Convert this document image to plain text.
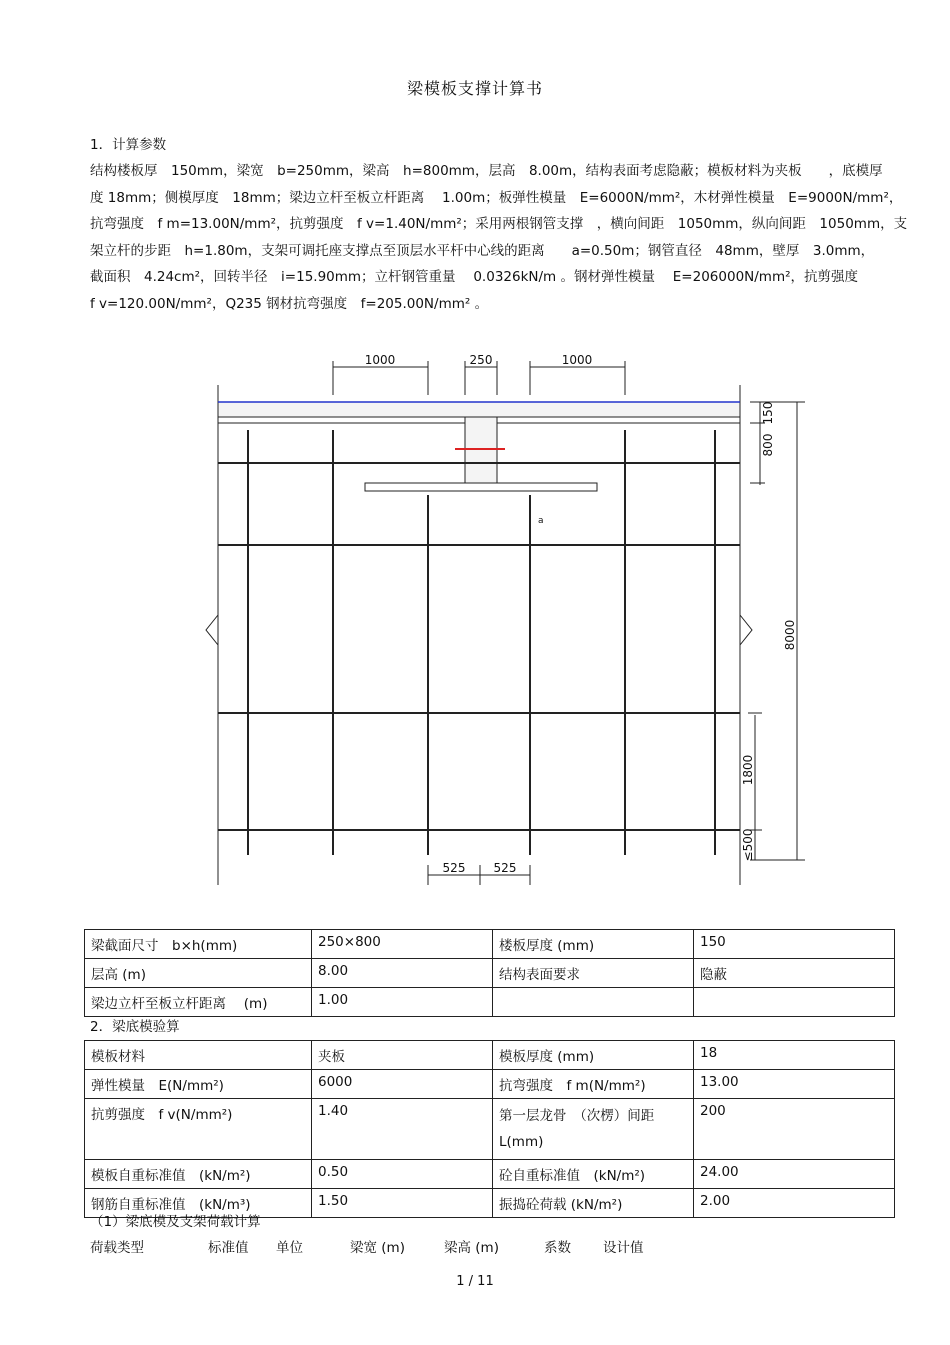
梁模板支撑计算书
1．计算参数

结构楼板厚　150mm，梁宽　b=250mm，梁高　h=800mm，层高　8.00m，结构表面考虑隐蔽；模板材料为夹板　　，底模厚

度 18mm；侧模厚度　18mm；梁边立杆至板立杆距离　 1.00m；板弹性模量　E=6000N/mm²，木材弹性模量　E=9000N/mm²，

抗弯强度　f m=13.00N/mm²，抗剪强度　f v=1.40N/mm²；采用两根钢管支撑　，横向间距　1050mm，纵向间距　1050mm，支

架立杆的步距　h=1.80m，支架可调托座支撑点至顶层水平杆中心线的距离　　a=0.50m；钢管直径　48mm，壁厚　3.0mm，

截面积　4.24cm²，回转半径　i=15.90mm；立杆钢管重量　 0.0326kN/m 。钢材弹性模量　 E=206000N/mm²，抗剪强度

f v=120.00N/mm²，Q235 钢材抗弯强度　f=205.00N/mm² 。

1000	250	1000
150
800
8000
1800
≤500
525 525
a
梁截面尺寸　b×h(mm)	250×800	楼板厚度 (mm)	150
层高 (m)	8.00	结构表面要求	隐蔽
梁边立杆至板立杆距离　 (m)	1.00		
2．梁底模验算
模板材料	夹板	模板厚度 (mm)	18
弹性模量　E(N/mm²)	6000	抗弯强度　f m(N/mm²)	13.00
抗剪强度　f v(N/mm²)	1.40	第一层龙骨　（次楞）间距 L(mm)	200
模板自重标准值　(kN/m²)	0.50	砼自重标准值　(kN/m²)	24.00
钢筋自重标准值　(kN/m³)	1.50	振捣砼荷载 (kN/m²)	2.00
（1）梁底模及支架荷载计算
荷载类型	标准值 单位	梁宽 (m)	梁高 (m)	系数 设计值
1 / 11
